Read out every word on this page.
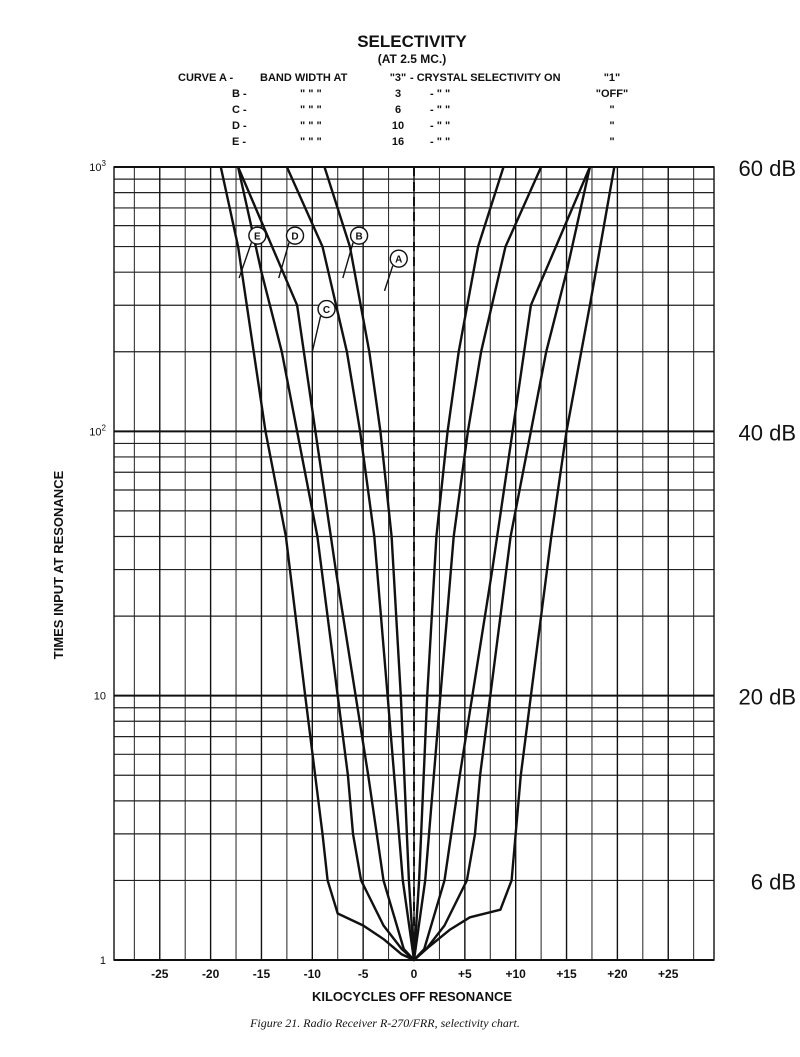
SELECTIVITY
(AT 2.5 MC.)
CURVE A - BAND WIDTH AT	"3" - CRYSTAL SELECTIVITY ON	"1"
B -	" " "	3	- " "	"OFF"
C -	" " "	6	- " "	"
D -	" " "	10 - " "	"
E -	" " "	16 - " "	"
E	D	B
C
A
$10^3$
$10^2$
10
1
60 dB
40 dB
20 dB
6 dB
-25	-20	-15	-10	-5	0	+5	+10	+15	+20	+25
TIMES INPUT AT RESONANCE
KILOCYCLES OFF RESONANCE
Figure 21. Radio Receiver R-270/FRR, selectivity chart.
